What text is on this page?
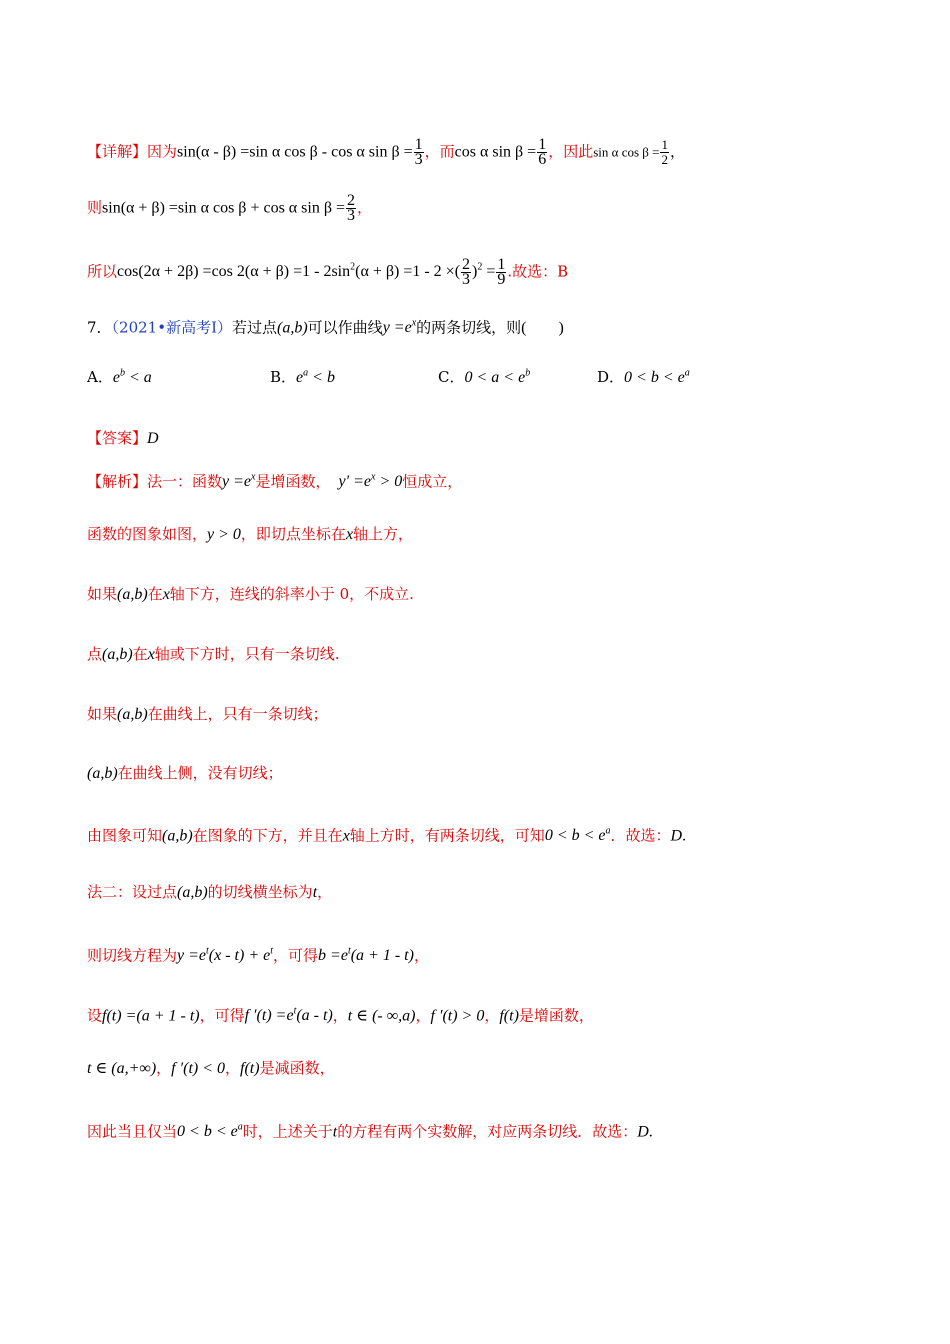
【详解】因为sin(α - β) =sin α cos β - cos α $\sin \beta = \frac{1}{3}$ ，而cos α $\sin \beta = \frac{1}{6}$ ，因此sin α $\cos \beta = \frac{1}{2}$ ，
则sin(α + β) =sin α cos β + cos α $\sin \beta = \frac{2}{3}$ ，
所以cos(2α + 2β) =cos $2(\alpha + \beta) =1 - 2\sin^2(\alpha + \beta) =1 - 2$ ×( $\frac{2}{3} )^2 = \frac{1}{9}$ .故选：B
7．（2021•新高考Ⅰ）若过点(a,b)可以作曲线$y =e^x$的两条切线，则(        )
A．$e^b < a$	B．$e^a < b$	C．$0 < a < e^b$	D．$0 < b < e^a$
【答案】D
【解析】法一：函数$y =e^x$是增函数， $y' =e^x > 0$恒成立，
函数的图象如图，y > 0，即切点坐标在x轴上方，
如果(a,b)在x轴下方，连线的斜率小于 0，不成立.
点(a,b)在x轴或下方时，只有一条切线.
如果(a,b)在曲线上，只有一条切线；
(a,b)在曲线上侧，没有切线；
由图象可知(a,b)在图象的下方，并且在x轴上方时，有两条切线，可知$0 < b < e^a$．故选：D.
法二：设过点(a,b)的切线横坐标为t，
则切线方程为$y =e^t(x - t) + e^t$，可得$b =e^t(a + 1 - t)$，
设f(t) =(a + 1 - t)，可得f $'(t) =e^t(a - t)$，t ∈ (- ∞,a)，f ′(t) > 0，f(t)是增函数，
t ∈ (a,+∞)，f ′(t) < 0，f(t)是减函数，
因此当且仅当$0 < b < e^a$时，上述关于t的方程有两个实数解，对应两条切线．故选：D.
